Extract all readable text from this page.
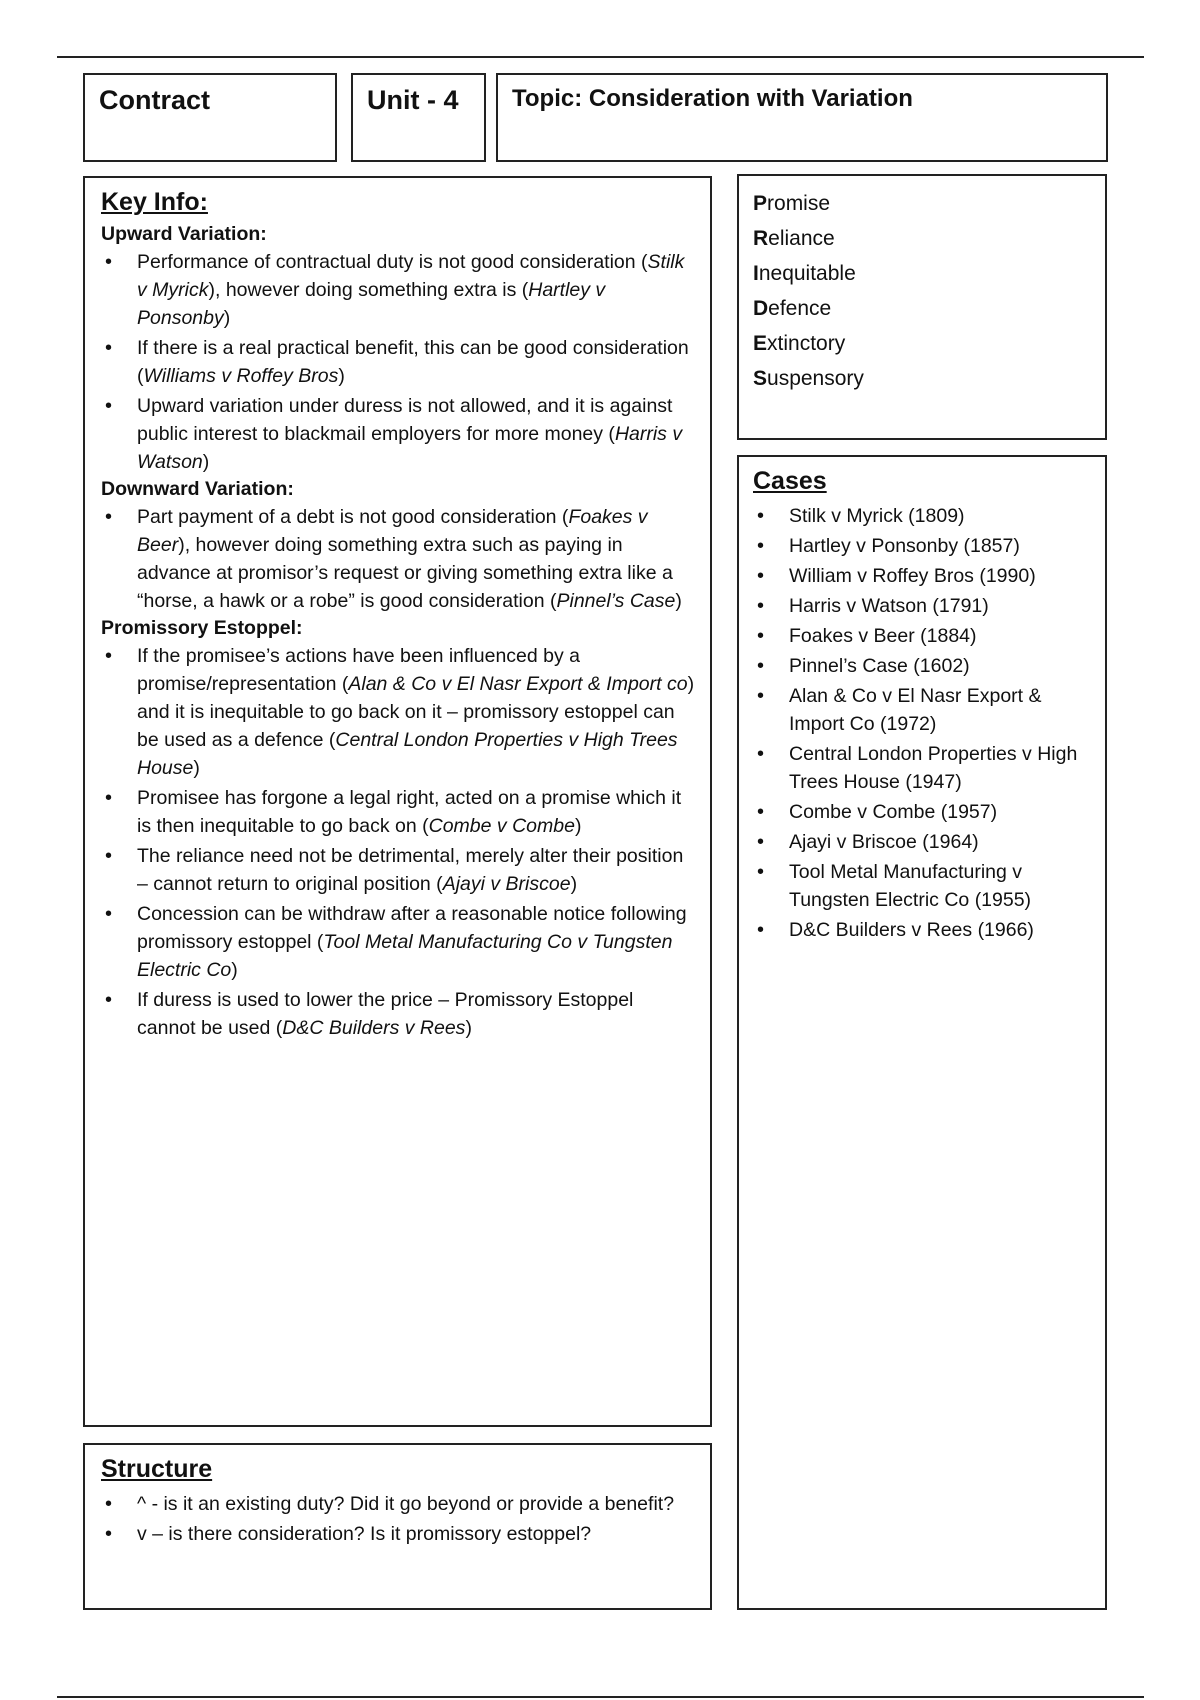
Contract	Unit - 4	Topic: Consideration with Variation
Key Info:
Upward Variation:
• Performance of contractual duty is not good consideration (Stilk v Myrick), however doing something extra is (Hartley v Ponsonby)
• If there is a real practical benefit, this can be good consideration (Williams v Roffey Bros)
• Upward variation under duress is not allowed, and it is against public interest to blackmail employers for more money (Harris v Watson)
Downward Variation:
• Part payment of a debt is not good consideration (Foakes v Beer), however doing something extra such as paying in advance at promisor’s request or giving something extra like a “horse, a hawk or a robe” is good consideration (Pinnel’s Case)
Promissory Estoppel:
• If the promisee’s actions have been influenced by a promise/representation (Alan & Co v El Nasr Export & Import co) and it is inequitable to go back on it – promissory estoppel can be used as a defence (Central London Properties v High Trees House)
• Promisee has forgone a legal right, acted on a promise which it is then inequitable to go back on (Combe v Combe)
• The reliance need not be detrimental, merely alter their position – cannot return to original position (Ajayi v Briscoe)
• Concession can be withdraw after a reasonable notice following promissory estoppel (Tool Metal Manufacturing Co v Tungsten Electric Co)
• If duress is used to lower the price – Promissory Estoppel cannot be used (D&C Builders v Rees)
Promise
Reliance
Inequitable
Defence
Extinctory
Suspensory
Cases
• Stilk v Myrick (1809)
• Hartley v Ponsonby (1857)
• William v Roffey Bros (1990)
• Harris v Watson (1791)
• Foakes v Beer (1884)
• Pinnel’s Case (1602)
• Alan & Co v El Nasr Export & Import Co (1972)
• Central London Properties v High Trees House (1947)
• Combe v Combe (1957)
• Ajayi v Briscoe (1964)
• Tool Metal Manufacturing v Tungsten Electric Co (1955)
• D&C Builders v Rees (1966)
Structure
• ^ - is it an existing duty? Did it go beyond or provide a benefit?
• v – is there consideration? Is it promissory estoppel?
